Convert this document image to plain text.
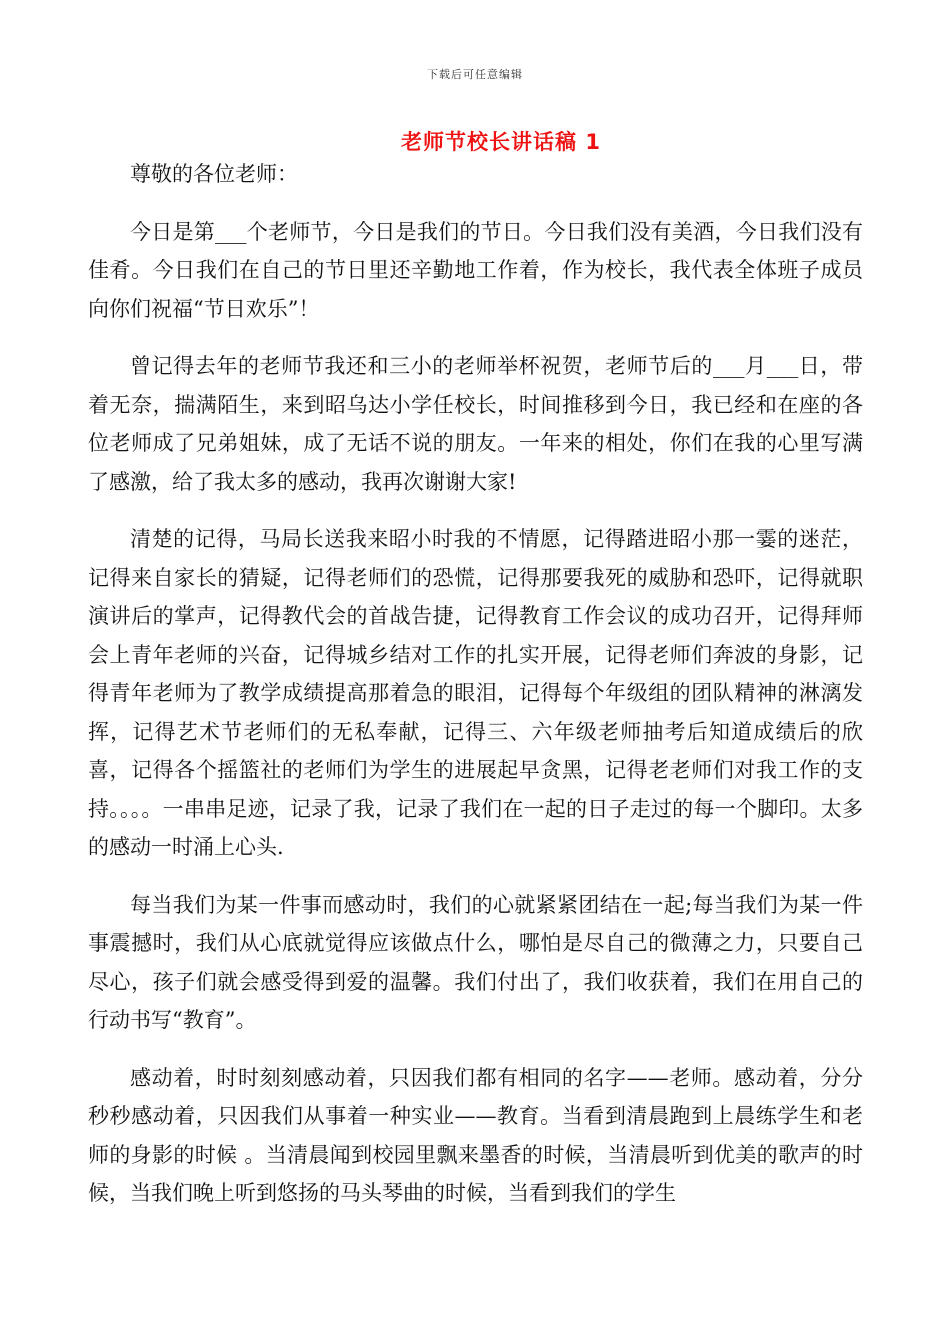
下载后可任意编辑
老师节校长讲话稿 1

尊敬的各位老师：

今日是第___个老师节，今日是我们的节日。今日我们没有美酒，今日我们没有佳肴。今日我们在自己的节日里还辛勤地工作着，作为校长，我代表全体班子成员向你们祝福“节日欢乐”！

曾记得去年的老师节我还和三小的老师举杯祝贺，老师节后的___月___日，带着无奈，揣满陌生，来到昭乌达小学任校长，时间推移到今日，我已经和在座的各位老师成了兄弟姐妹，成了无话不说的朋友。一年来的相处，你们在我的心里写满了感激，给了我太多的感动，我再次谢谢大家!

清楚的记得，马局长送我来昭小时我的不情愿，记得踏进昭小那一霎的迷茫，记得来自家长的猜疑，记得老师们的恐慌，记得那要我死的威胁和恐吓，记得就职演讲后的掌声，记得教代会的首战告捷，记得教育工作会议的成功召开，记得拜师会上青年老师的兴奋，记得城乡结对工作的扎实开展，记得老师们奔波的身影，记得青年老师为了教学成绩提高那着急的眼泪，记得每个年级组的团队精神的淋漓发挥，记得艺术节老师们的无私奉献，记得三、六年级老师抽考后知道成绩后的欣喜，记得各个摇篮社的老师们为学生的进展起早贪黑，记得老老师们对我工作的支持。。。。一串串足迹，记录了我，记录了我们在一起的日子走过的每一个脚印。太多的感动一时涌上心头.

每当我们为某一件事而感动时，我们的心就紧紧团结在一起;每当我们为某一件事震撼时，我们从心底就觉得应该做点什么，哪怕是尽自己的微薄之力，只要自己尽心，孩子们就会感受得到爱的温馨。我们付出了，我们收获着，我们在用自己的行动书写“教育”。

感动着，时时刻刻感动着，只因我们都有相同的名字——老师。感动着，分分秒秒感动着，只因我们从事着一种实业——教育。当看到清晨跑到上晨练学生和老师的身影的时候 。当清晨闻到校园里飘来墨香的时候，当清晨听到优美的歌声的时候，当我们晚上听到悠扬的马头琴曲的时候，当看到我们的学生
